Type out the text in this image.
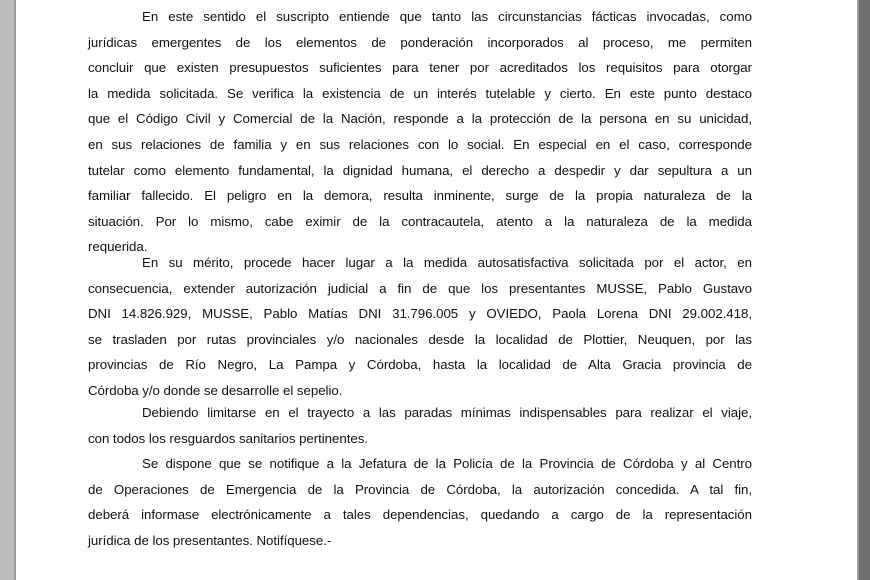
En este sentido el suscripto entiende que tanto las circunstancias fácticas invocadas, como
jurídicas emergentes de los elementos de ponderación incorporados al proceso, me permiten
concluir que existen presupuestos suficientes para tener por acreditados los requisitos para otorgar
la medida solicitada. Se verifica la existencia de un interés tutelable y cierto. En este punto destaco
que el Código Civil y Comercial de la Nación, responde a la protección de la persona en su unicidad,
en sus relaciones de familia y en sus relaciones con lo social. En especial en el caso, corresponde
tutelar como elemento fundamental, la dignidad humana, el derecho a despedir y dar sepultura a un
familiar fallecido. El peligro en la demora, resulta inminente, surge de la propia naturaleza de la
situación. Por lo mismo, cabe eximir de la contracautela, atento a la naturaleza de la medida
requerida.
En su mérito, procede hacer lugar a la medida autosatisfactiva solicitada por el actor, en
consecuencia, extender autorización judicial a fin de que los presentantes MUSSE, Pablo Gustavo
DNI 14.826.929, MUSSE, Pablo Matías DNI 31.796.005 y OVIEDO, Paola Lorena DNI 29.002.418,
se trasladen por rutas provinciales y/o nacionales desde la localidad de Plottier, Neuquen, por las
provincias de Río Negro, La Pampa y Córdoba, hasta la localidad de Alta Gracia provincia de
Córdoba y/o donde se desarrolle el sepelio.
Debiendo limitarse en el trayecto a las paradas mínimas indispensables para realizar el viaje,
con todos los resguardos sanitarios pertinentes.
Se dispone que se notifique a la Jefatura de la Policía de la Provincia de Córdoba y al Centro
de Operaciones de Emergencia de la Provincia de Córdoba, la autorización concedida. A tal fin,
deberá informase electrónicamente a tales dependencias, quedando a cargo de la representación
jurídica de los presentantes. Notifíquese.-
